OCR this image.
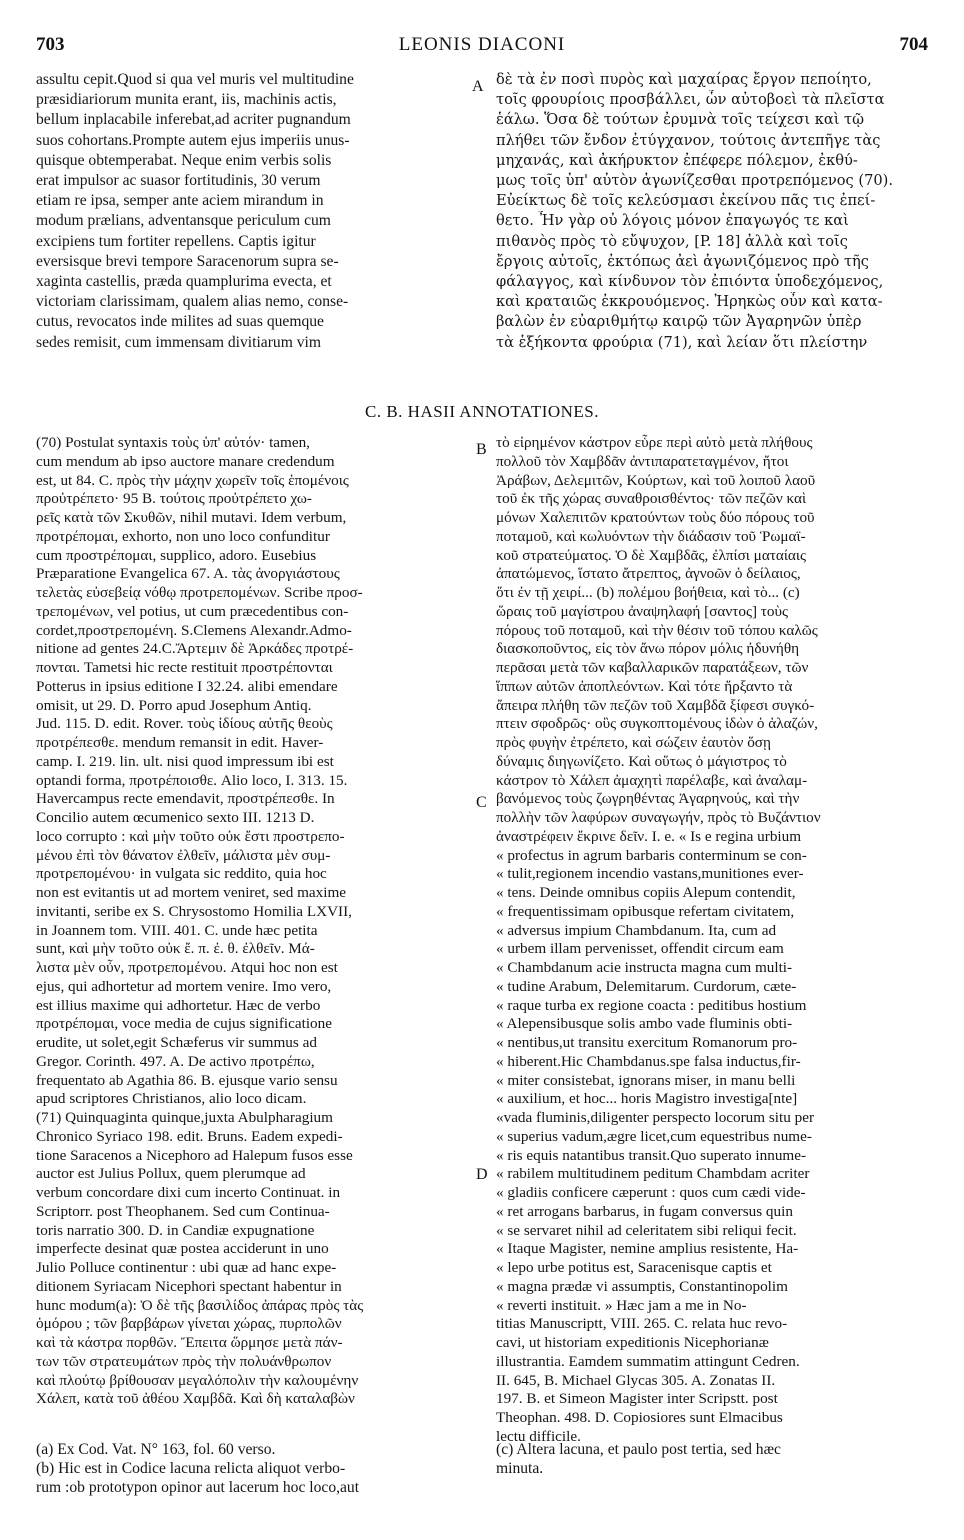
703	LEONIS DIACONI	704
assultu cepit.Quod si qua vel muris vel multitudine
præsidiariorum munita erant, iis, machinis actis,
bellum inplacabile inferebat,ad acriter pugnandum
suos cohortans.Prompte autem ejus imperiis unus-
quisque obtemperabat. Neque enim verbis solis
erat impulsor ac suasor fortitudinis, 30 verum
etiam re ipsa, semper ante aciem mirandum in
modum prælians, adventansque periculum cum
excipiens tum fortiter repellens. Captis igitur
eversisque brevi tempore Saracenorum supra se-
xaginta castellis, præda quamplurima evecta, et
victoriam clarissimam, qualem alias nemo, conse-
cutus, revocatos inde milites ad suas quemque
sedes remisit, cum immensam divitiarum vim
δὲ τὰ ἐν ποσὶ πυρὸς καὶ μαχαίρας ἔργον πεποίητο,
τοῖς φρουρίοις προσβάλλει, ὧν αὐτοβοεὶ τὰ πλεῖστα
ἑάλω. Ὅσα δὲ τούτων ἐρυμνὰ τοῖς τείχεσι καὶ τῷ
πλήθει τῶν ἔνδον ἐτύγχανον, τούτοις ἀντεπῆγε τὰς
μηχανάς, καὶ ἀκήρυκτον ἐπέφερε πόλεμον, ἐκθύ-
μως τοῖς ὑπ' αὐτὸν ἀγωνίζεσθαι προτρεπόμενος (70).
Εὐείκτως δὲ τοῖς κελεύσμασι ἐκείνου πᾶς τις ἐπεί-
θετο. Ἦν γὰρ οὐ λόγοις μόνον ἐπαγωγός τε καὶ
πιθανὸς πρὸς τὸ εὔψυχον, [P. 18] ἀλλὰ καὶ τοῖς
ἔργοις αὐτοῖς, ἐκτόπως ἀεὶ ἀγωνιζόμενος πρὸ τῆς
φάλαγγος, καὶ κίνδυνον τὸν ἐπιόντα ὑποδεχόμενος,
καὶ κραταιῶς ἐκκρουόμενος. Ἠρηκὼς οὖν καὶ κατα-
βαλὼν ἐν εὐαριθμήτῳ καιρῷ τῶν Ἀγαρηνῶν ὑπὲρ
τὰ ἑξήκοντα φρούρια (71), καὶ λείαν ὅτι πλείστην
A
C. B. HASII ANNOTATIONES.
(70) Postulat syntaxis τοὺς ὑπ' αὐτόν· tamen,
cum mendum ab ipso auctore manare credendum
est, ut 84. C. πρὸς τὴν μάχην χωρεῖν τοῖς ἑπομένοις
προὐτρέπετο· 95 B. τούτοις προὐτρέπετο χω-
ρεῖς κατὰ τῶν Σκυθῶν, nihil mutavi. Idem verbum,
προτρέπομαι, exhorto, non uno loco confunditur
cum προστρέπομαι, supplico, adoro. Eusebius
Præparatione Evangelica 67. A. τὰς ἀνοργιάστους
τελετὰς εὐσεβείᾳ νόθῳ προτρεπομένων. Scribe προσ-
τρεπομένων, vel potius, ut cum præcedentibus con-
cordet,προστρεπομένη. S.Clemens Alexandr.Admo-
nitione ad gentes 24.C.Ἄρτεμιν δὲ Ἀρκάδες προτρέ-
πονται. Tametsi hic recte restituit προστρέπονται
Potterus in ipsius editione I 32.24. alibi emendare
omisit, ut 29. D. Porro apud Josephum Antiq.
Jud. 115. D. edit. Rover. τοὺς ἰδίους αὐτῆς θεοὺς
προτρέπεσθε. mendum remansit in edit. Haver-
camp. I. 219. lin. ult. nisi quod impressum ibi est
optandi forma, προτρέποισθε. Alio loco, I. 313. 15.
Havercampus recte emendavit, προστρέπεσθε. In
Concilio autem œcumenico sexto III. 1213 D.
loco corrupto : καὶ μὴν τοῦτο οὐκ ἔστι προστρεπο-
μένου ἐπὶ τὸν θάνατον ἐλθεῖν, μάλιστα μὲν συμ-
προτρεπομένου· in vulgata sic reddito, quia hoc
non est evitantis ut ad mortem veniret, sed maxime
invitanti, seribe ex S. Chrysostomo Homilia LXVII,
in Joannem tom. VIII. 401. C. unde hæc petita
sunt, καὶ μὴν τοῦτο οὐκ ἔ. π. ἐ. θ. ἐλθεῖν. Μά-
λιστα μὲν οὖν, προτρεπομένου. Atqui hoc non est
ejus, qui adhortetur ad mortem venire. Imo vero,
est illius maxime qui adhortetur. Hæc de verbo
προτρέπομαι, voce media de cujus significatione
erudite, ut solet,egit Schæferus vir summus ad
Gregor. Corinth. 497. A. De activo προτρέπω,
frequentato ab Agathia 86. B. ejusque vario sensu
apud scriptores Christianos, alio loco dicam.
(71) Quinquaginta quinque,juxta Abulpharagium
Chronico Syriaco 198. edit. Bruns. Eadem expedi-
tione Saracenos a Nicephoro ad Halepum fusos esse
auctor est Julius Pollux, quem plerumque ad
verbum concordare dixi cum incerto Continuat. in
Scriptorr. post Theophanem. Sed cum Continua-
toris narratio 300. D. in Candiæ expugnatione
imperfecte desinat quæ postea acciderunt in uno
Julio Polluce continentur : ubi quæ ad hanc expe-
ditionem Syriacam Nicephori spectant habentur in
hunc modum(a): Ὁ δὲ τῆς βασιλίδος ἀπάρας πρὸς τὰς
ὁμόρου ; τῶν βαρβάρων γίνεται χώρας, πυρπολῶν
καὶ τὰ κάστρα πορθῶν. Ἔπειτα ὥρμησε μετὰ πάν-
των τῶν στρατευμάτων πρὸς τὴν πολυάνθρωπον
καὶ πλούτῳ βρίθουσαν μεγαλόπολιν τὴν καλουμένην
Χάλεπ, κατὰ τοῦ ἀθέου Χαμβδᾶ. Καὶ δὴ καταλαβὼν
τὸ εἰρημένον κάστρον εὗρε περὶ αὐτὸ μετὰ πλήθους
πολλοῦ τὸν Χαμβδᾶν ἀντιπαρατεταγμένον, ἤτοι
Ἀράβων, Δελεμιτῶν, Κούρτων, καὶ τοῦ λοιποῦ λαοῦ
τοῦ ἐκ τῆς χώρας συναθροισθέντος· τῶν πεζῶν καὶ
μόνων Χαλεπιτῶν κρατούντων τοὺς δύο πόρους τοῦ
ποταμοῦ, καὶ κωλυόντων τὴν διάδασιν τοῦ Ῥωμαϊ-
κοῦ στρατεύματος. Ὁ δὲ Χαμβδᾶς, ἐλπίσι ματαίαις
ἀπατώμενος, ἵστατο ἄτρεπτος, ἀγνοῶν ὁ δείλαιος,
ὅτι ἐν τῇ χειρί... (b) πολέμου βοήθεια, καὶ τὸ... (c)
ὥραις τοῦ μαγίστρου ἀναψηλαφή [σαντος] τοὺς
πόρους τοῦ ποταμοῦ, καὶ τὴν θέσιν τοῦ τόπου καλῶς
διασκοποῦντος, εἰς τὸν ἄνω πόρον μόλις ἠδυνήθη
περᾶσαι μετὰ τῶν καβαλλαρικῶν παρατάξεων, τῶν
ἵππων αὐτῶν ἀποπλεόντων. Καὶ τότε ἤρξαντο τὰ
ἄπειρα πλήθη τῶν πεζῶν τοῦ Χαμβδᾶ ξίφεσι συγκό-
πτειν σφοδρῶς· οὓς συγκοπτομένους ἰδὼν ὁ ἀλαζών,
πρὸς φυγὴν ἐτρέπετο, καὶ σώζειν ἑαυτὸν ὅσῃ
δύναμις διηγωνίζετο. Καὶ οὕτως ὁ μάγιστρος τὸ
κάστρον τὸ Χάλεπ ἀμαχητὶ παρέλαβε, καὶ ἀναλαμ-
βανόμενος τοὺς ζωγρηθέντας Ἀγαρηνούς, καὶ τὴν
πολλὴν τῶν λαφύρων συναγωγήν, πρὸς τὸ Βυζάντιον
ἀναστρέφειν ἔκρινε δεῖν. I. e. « Is e regina urbium
« profectus in agrum barbaris conterminum se con-
« tulit,regionem incendio vastans,munitiones ever-
« tens. Deinde omnibus copiis Alepum contendit,
« frequentissimam opibusque refertam civitatem,
« adversus impium Chambdanum. Ita, cum ad
« urbem illam pervenisset, offendit circum eam
« Chambdanum acie instructa magna cum multi-
« tudine Arabum, Delemitarum. Curdorum, cæte-
« raque turba ex regione coacta : peditibus hostium
« Alepensibusque solis ambo vade fluminis obti-
« nentibus,ut transitu exercitum Romanorum pro-
« hiberent.Hic Chambdanus.spe falsa inductus,fir-
« miter consistebat, ignorans miser, in manu belli
« auxilium, et hoc... horis Magistro investiga[nte]
«vada fluminis,diligenter perspecto locorum situ per
« superius vadum,ægre licet,cum equestribus nume-
« ris equis natantibus transit.Quo superato innume-
« rabilem multitudinem peditum Chambdam acriter
« gladiis conficere cæperunt : quos cum cædi vide-
« ret arrogans barbarus, in fugam conversus quin
« se servaret nihil ad celeritatem sibi reliqui fecit.
« Itaque Magister, nemine amplius resistente, Ha-
« lepo urbe potitus est, Saracenisque captis et
« magna prædæ vi assumptis, Constantinopolim
« reverti instituit. » Hæc jam a me in No-
titias Manuscriptt, VIII. 265. C. relata huc revo-
cavi, ut historiam expeditionis Nicephorianæ
illustrantia. Eamdem summatim attingunt Cedren.
II. 645, B. Michael Glycas 305. A. Zonatas II.
197. B. et Simeon Magister inter Scripstt. post
Theophan. 498. D. Copiosiores sunt Elmacibus
lectu difficile.
B
C
D
(a) Ex Cod. Vat. N° 163, fol. 60 verso.
(b) Hic est in Codice lacuna relicta aliquot verbo-
rum :ob prototypon opinor aut lacerum hoc loco,aut
(c) Altera lacuna, et paulo post tertia, sed hæc
minuta.
